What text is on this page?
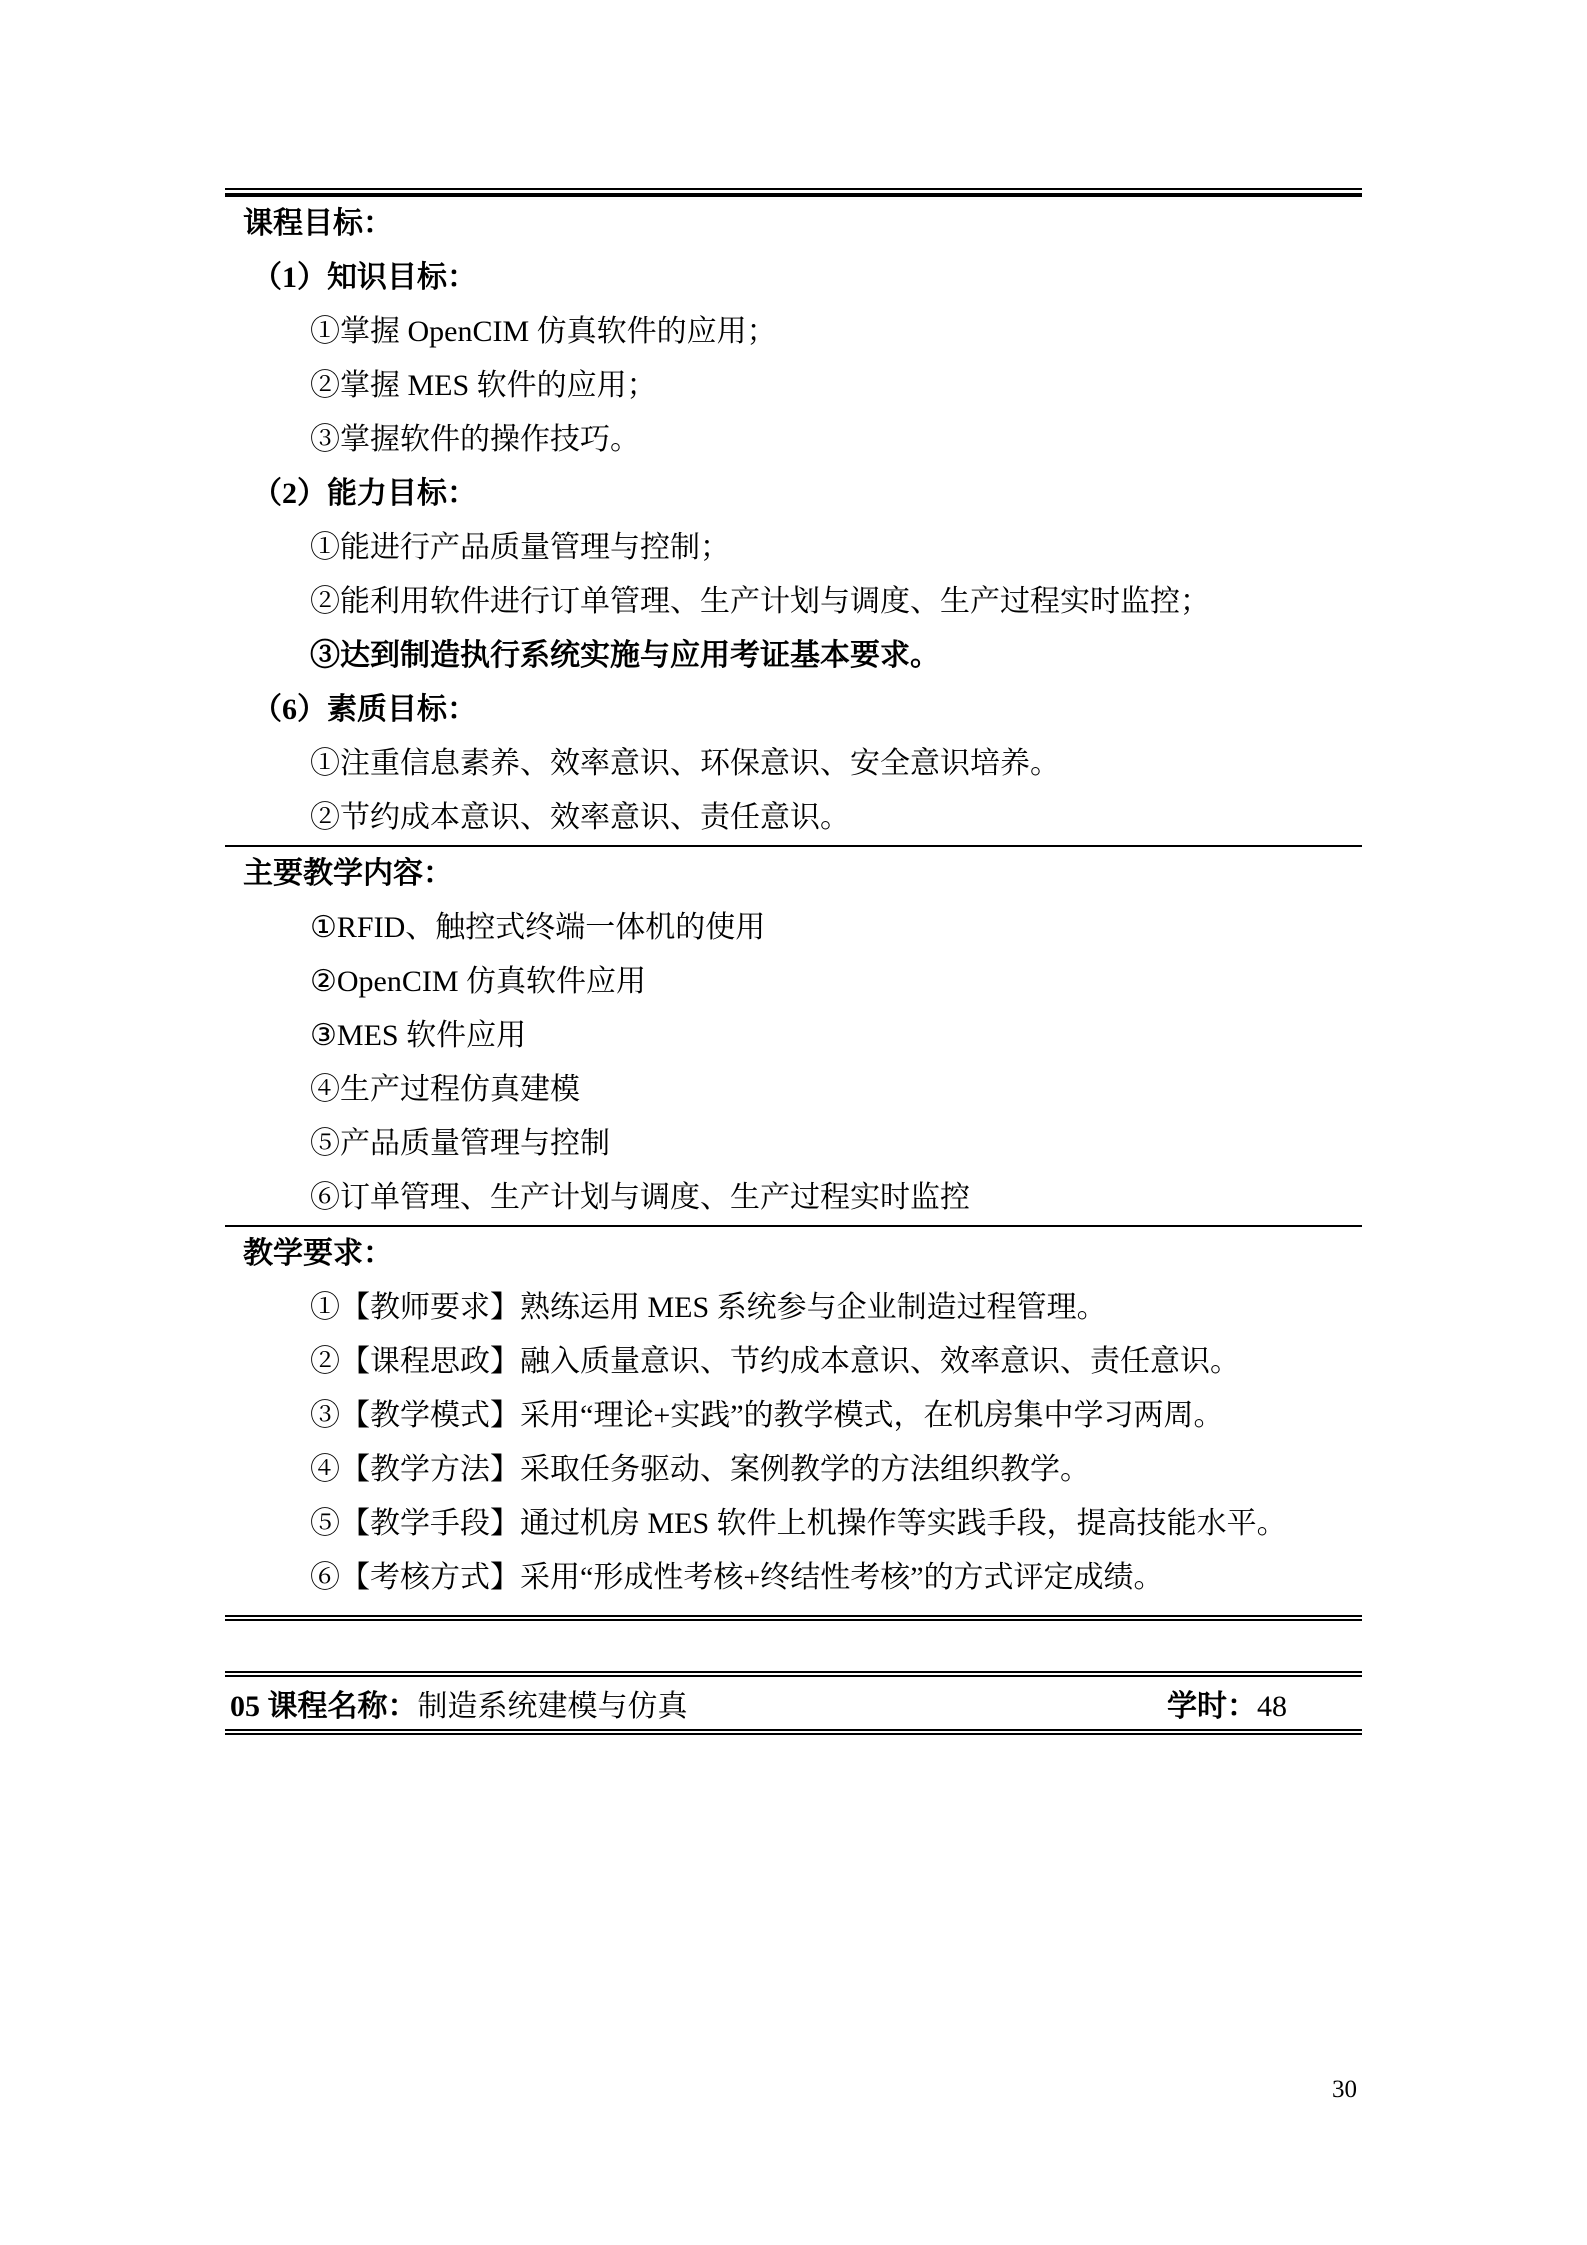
课程目标：
（1）知识目标：
①掌握 OpenCIM 仿真软件的应用；
②掌握 MES 软件的应用；
③掌握软件的操作技巧。
（2）能力目标：
①能进行产品质量管理与控制；
②能利用软件进行订单管理、生产计划与调度、生产过程实时监控；
③达到制造执行系统实施与应用考证基本要求。
（6）素质目标：
①注重信息素养、效率意识、环保意识、安全意识培养。
②节约成本意识、效率意识、责任意识。
主要教学内容：
①RFID、触控式终端一体机的使用
②OpenCIM 仿真软件应用
③MES 软件应用
④生产过程仿真建模
⑤产品质量管理与控制
⑥订单管理、生产计划与调度、生产过程实时监控
教学要求：
①【教师要求】熟练运用 MES 系统参与企业制造过程管理。
②【课程思政】融入质量意识、节约成本意识、效率意识、责任意识。
③【教学模式】采用“理论+实践”的教学模式，在机房集中学习两周。
④【教学方法】采取任务驱动、案例教学的方法组织教学。
⑤【教学手段】通过机房 MES 软件上机操作等实践手段，提高技能水平。
⑥【考核方式】采用“形成性考核+终结性考核”的方式评定成绩。
05 课程名称：制造系统建模与仿真	学时：48
30
